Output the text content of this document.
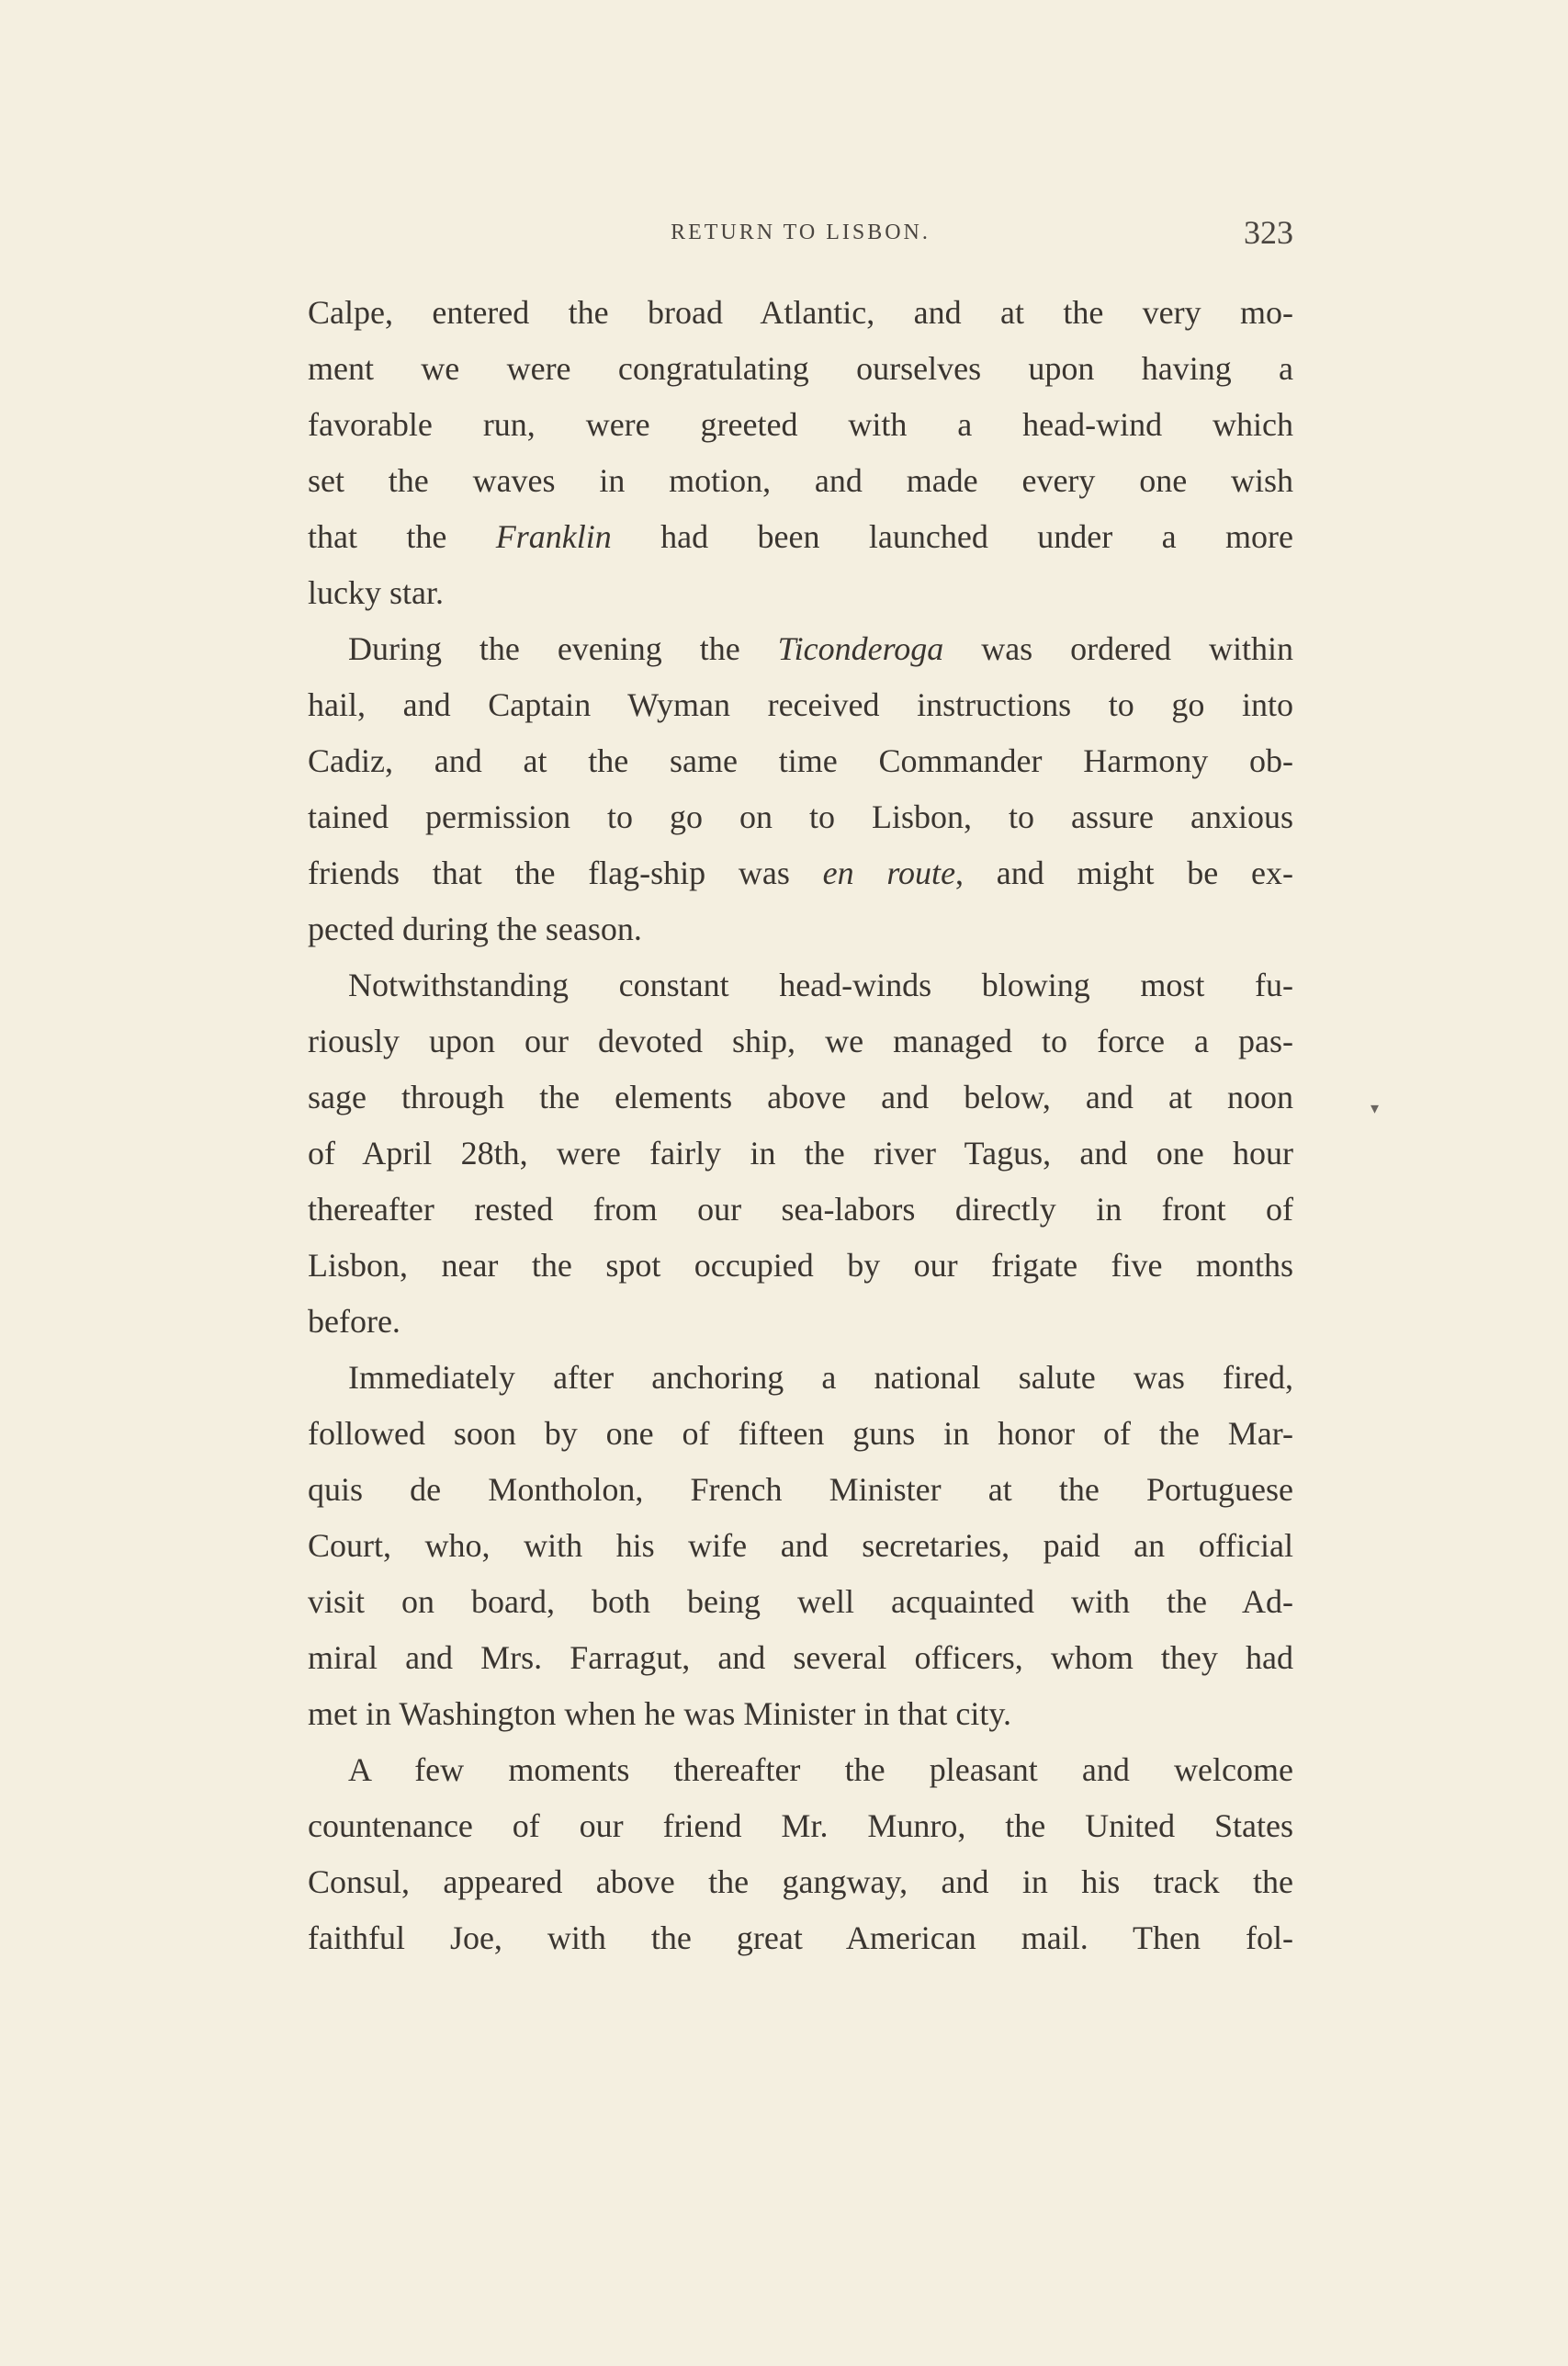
RETURN TO LISBON.	323
Calpe, entered the broad Atlantic, and at the very mo-
ment we were congratulating ourselves upon having a
favorable run, were greeted with a head-wind which
set the waves in motion, and made every one wish
that the Franklin had been launched under a more
lucky star.
During the evening the Ticonderoga was ordered within
hail, and Captain Wyman received instructions to go into
Cadiz, and at the same time Commander Harmony ob-
tained permission to go on to Lisbon, to assure anxious
friends that the flag-ship was en route, and might be ex-
pected during the season.
Notwithstanding constant head-winds blowing most fu-
riously upon our devoted ship, we managed to force a pas-
sage through the elements above and below, and at noon
of April 28th, were fairly in the river Tagus, and one hour
thereafter rested from our sea-labors directly in front of
Lisbon, near the spot occupied by our frigate five months
before.
Immediately after anchoring a national salute was fired,
followed soon by one of fifteen guns in honor of the Mar-
quis de Montholon, French Minister at the Portuguese
Court, who, with his wife and secretaries, paid an official
visit on board, both being well acquainted with the Ad-
miral and Mrs. Farragut, and several officers, whom they had
met in Washington when he was Minister in that city.
A few moments thereafter the pleasant and welcome
countenance of our friend Mr. Munro, the United States
Consul, appeared above the gangway, and in his track the
faithful Joe, with the great American mail. Then fol-
▾
